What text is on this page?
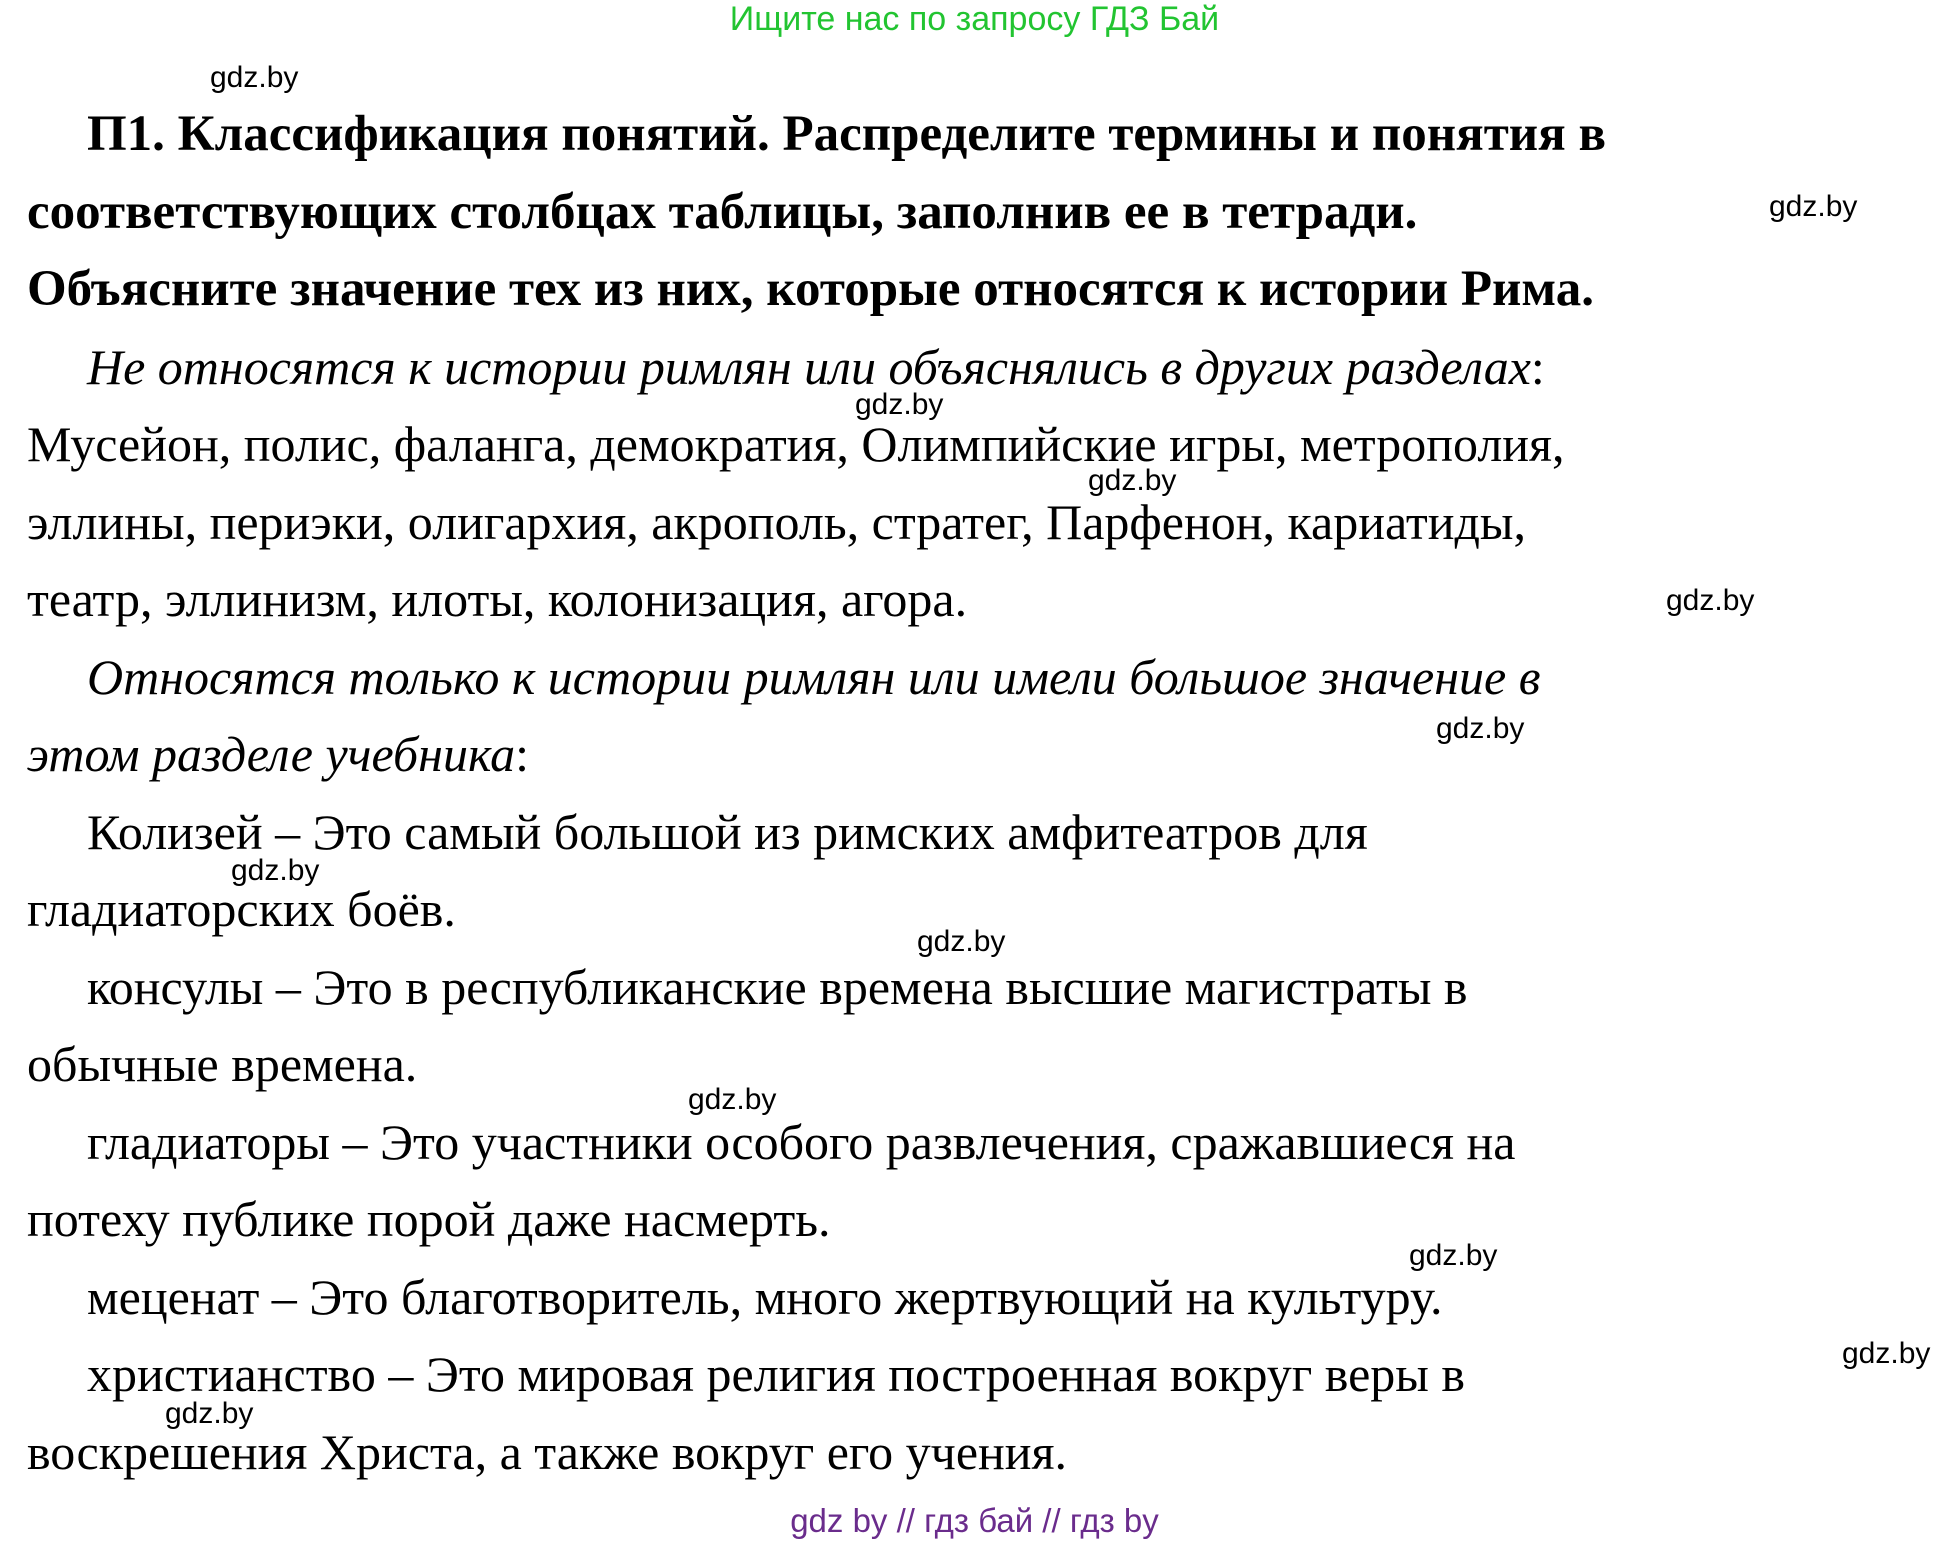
Ищите нас по запросу ГДЗ Бай
П1. Классификация понятий. Распределите термины и понятия в
соответствующих столбцах таблицы, заполнив ее в тетради.
Объясните значение тех из них, которые относятся к истории Рима.
Не относятся к истории римлян или объяснялись в других разделах:
Мусейон, полис, фаланга, демократия, Олимпийские игры, метрополия,
эллины, периэки, олигархия, акрополь, стратег, Парфенон, кариатиды,
театр, эллинизм, илоты, колонизация, агора.
Относятся только к истории римлян или имели большое значение в
этом разделе учебника:
Колизей – Это самый большой из римских амфитеатров для
гладиаторских боёв.
консулы – Это в республиканские времена высшие магистраты в
обычные времена.
гладиаторы – Это участники особого развлечения, сражавшиеся на
потеху публике порой даже насмерть.
меценат – Это благотворитель, много жертвующий на культуру.
христианство – Это мировая религия построенная вокруг веры в
воскрешения Христа, а также вокруг его учения.
gdz.by
gdz.by
gdz.by
gdz.by
gdz.by
gdz.by
gdz.by
gdz.by
gdz.by
gdz.by
gdz.by
gdz.by
gdz by // гдз бай // гдз by
